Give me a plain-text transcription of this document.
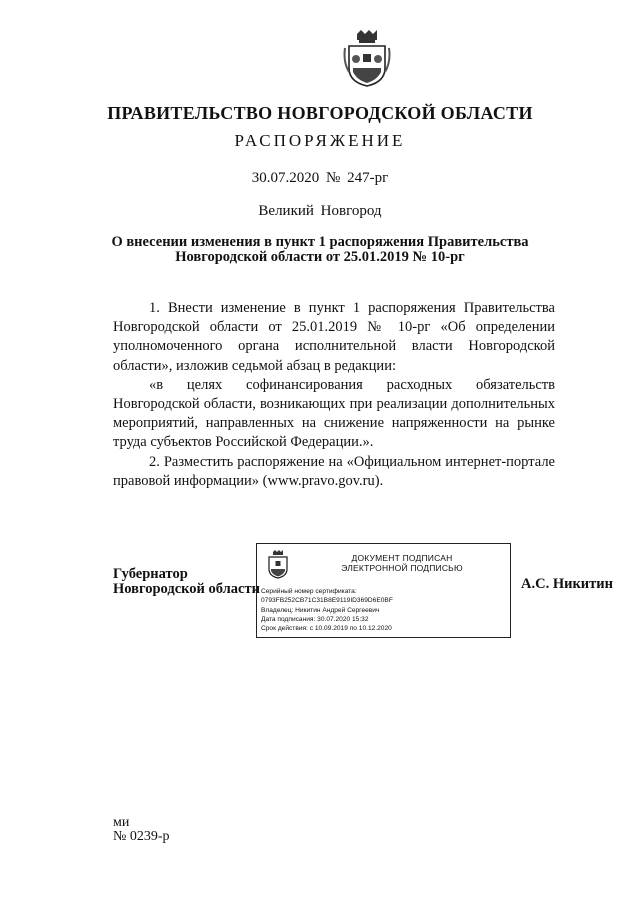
ПРАВИТЕЛЬСТВО НОВГОРОДСКОЙ ОБЛАСТИ
РАСПОРЯЖЕНИЕ
30.07.2020 № 247-рг
Великий Новгород
О внесении изменения в пункт 1 распоряжения Правительства
Новгородской области от 25.01.2019 № 10-рг

1. Внести изменение в пункт 1 распоряжения Правительства Новгородской области от 25.01.2019 № 10-рг «Об определении уполномоченного органа исполнительной власти Новгородской области», изложив седьмой абзац в редакции:

«в целях софинансирования расходных обязательств Новгородской области, возникающих при реализации дополнительных мероприятий, направленных на снижение напряженности на рынке труда субъектов Российской Федерации.».

2. Разместить распоряжение на «Официальном интернет-портале правовой информации» (www.pravo.gov.ru).

Губернатор
Новгородской области
ДОКУМЕНТ ПОДПИСАН
ЭЛЕКТРОННОЙ ПОДПИСЬЮ
Серийный номер сертификата:
0793FB252CB71C31B8E9119ID369D6E0BF
Владелец: Никитин Андрей Сергеевич
Дата подписания: 30.07.2020 15:32
Срок действия: с 10.09.2019 по 10.12.2020
А.С. Никитин
ми
№ 0239-р
